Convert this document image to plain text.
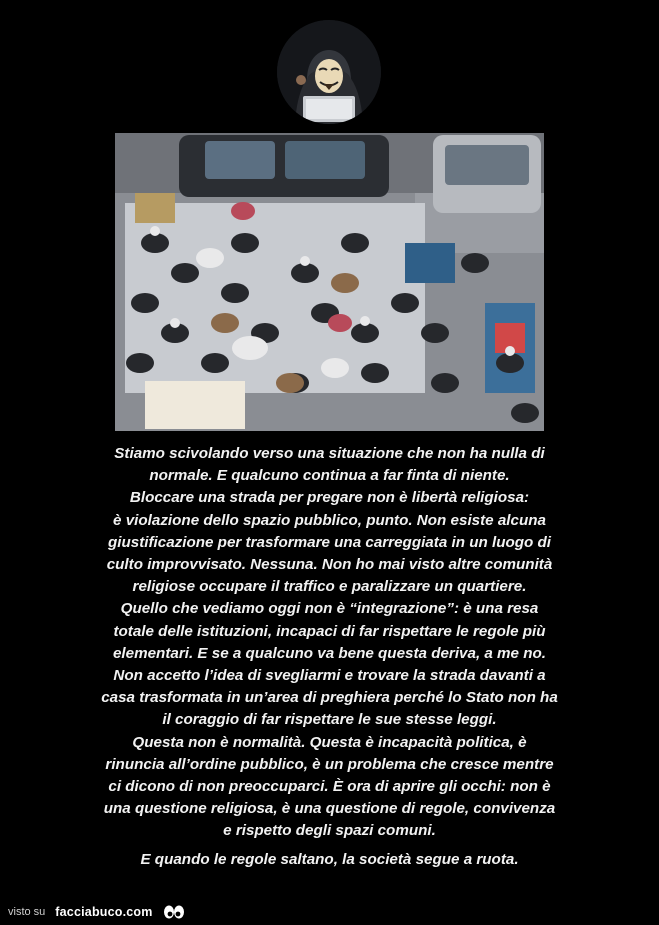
Stiamo scivolando verso una situazione che non ha nulla di
normale. E qualcuno continua a far finta di niente.
Bloccare una strada per pregare non è libertà religiosa:
è violazione dello spazio pubblico, punto. Non esiste alcuna
giustificazione per trasformare una carreggiata in un luogo di
culto improvvisato. Nessuna. Non ho mai visto altre comunità
religiose occupare il traffico e paralizzare un quartiere.
Quello che vediamo oggi non è “integrazione”: è una resa
totale delle istituzioni, incapaci di far rispettare le regole più
elementari. E se a qualcuno va bene questa deriva, a me no.
Non accetto l’idea di svegliarmi e trovare la strada davanti a
casa trasformata in un’area di preghiera perché lo Stato non ha
il coraggio di far rispettare le sue stesse leggi.
Questa non è normalità. Questa è incapacità politica, è
rinuncia all’ordine pubblico, è un problema che cresce mentre
ci dicono di non preoccuparci. È ora di aprire gli occhi: non è
una questione religiosa, è una questione di regole, convivenza
e rispetto degli spazi comuni.
E quando le regole saltano, la società segue a ruota.
visto su facciabuco.com
